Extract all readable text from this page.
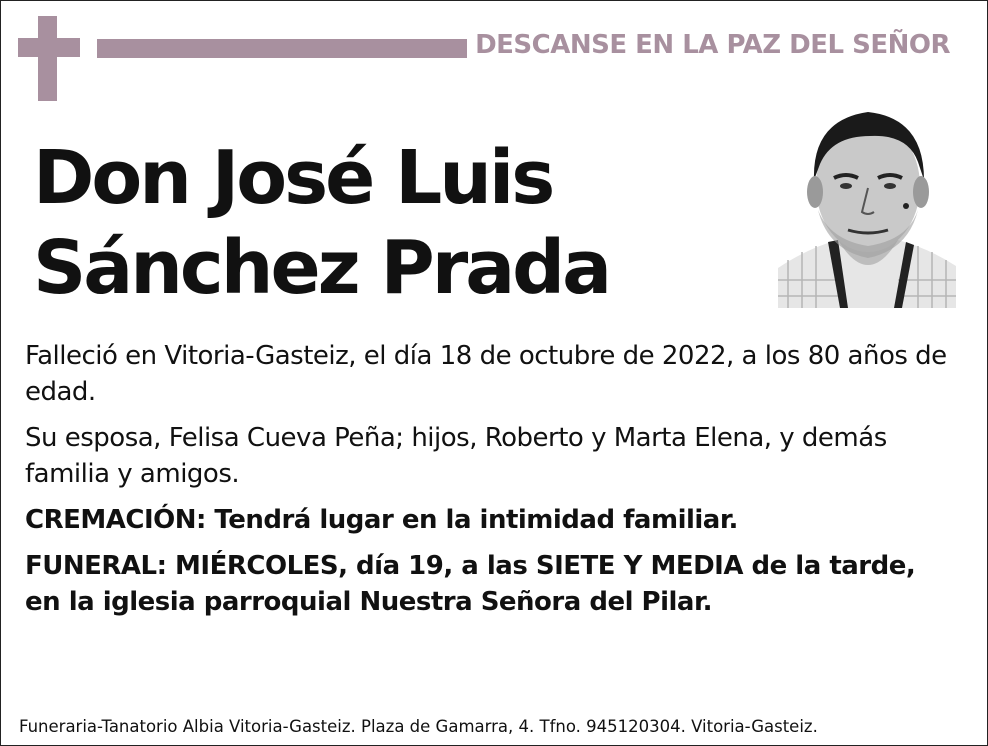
DESCANSE EN LA PAZ DEL SEÑOR
Don José Luis
Sánchez Prada

Falleció en Vitoria-Gasteiz, el día 18 de octubre de 2022, a los 80 años de edad.

Su esposa, Felisa Cueva Peña; hijos, Roberto y Marta Elena, y demás familia y amigos.

CREMACIÓN: Tendrá lugar en la intimidad familiar.

FUNERAL: MIÉRCOLES, día 19, a las SIETE Y MEDIA de la tarde, en la iglesia parroquial Nuestra Señora del Pilar.

Funeraria-Tanatorio Albia Vitoria-Gasteiz. Plaza de Gamarra, 4. Tfno. 945120304. Vitoria-Gasteiz.
